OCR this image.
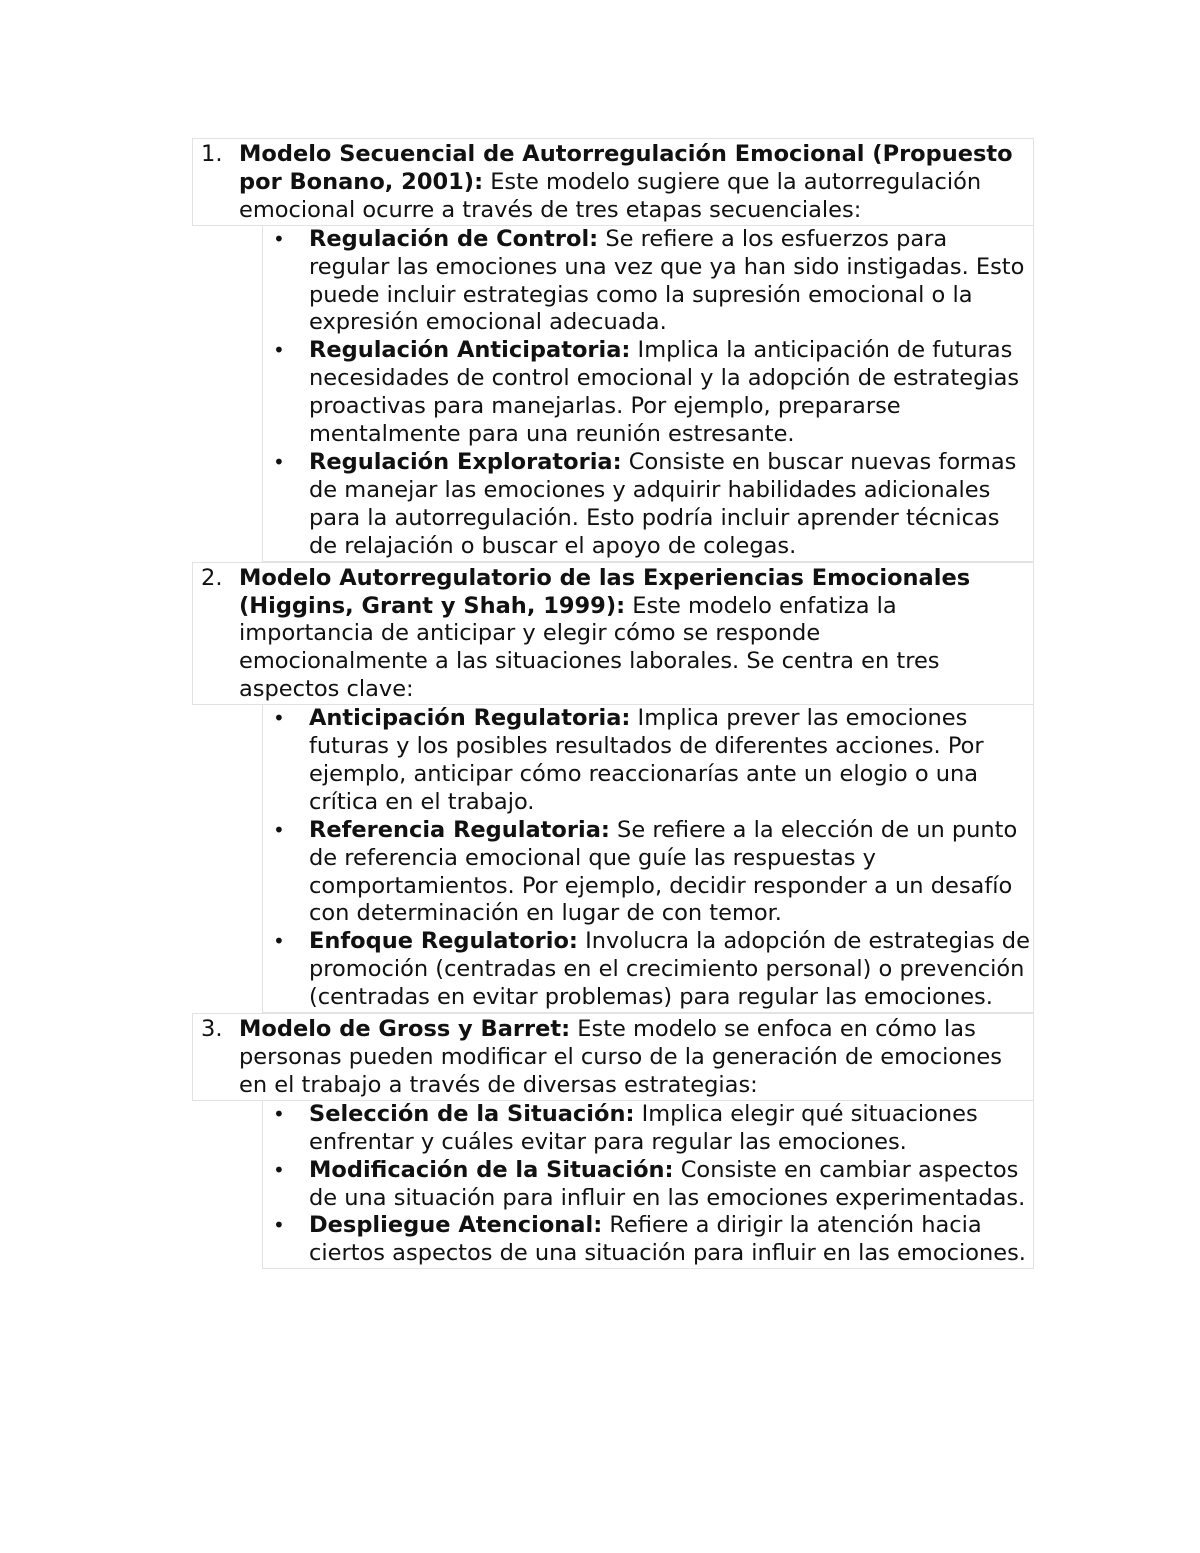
1. Modelo Secuencial de Autorregulación Emocional (Propuesto por Bonano, 2001): Este modelo sugiere que la autorregulación emocional ocurre a través de tres etapas secuenciales:
• Regulación de Control: Se refiere a los esfuerzos para regular las emociones una vez que ya han sido instigadas. Esto puede incluir estrategias como la supresión emocional o la expresión emocional adecuada.
• Regulación Anticipatoria: Implica la anticipación de futuras necesidades de control emocional y la adopción de estrategias proactivas para manejarlas. Por ejemplo, prepararse mentalmente para una reunión estresante.
• Regulación Exploratoria: Consiste en buscar nuevas formas de manejar las emociones y adquirir habilidades adicionales para la autorregulación. Esto podría incluir aprender técnicas de relajación o buscar el apoyo de colegas.
2. Modelo Autorregulatorio de las Experiencias Emocionales (Higgins, Grant y Shah, 1999): Este modelo enfatiza la importancia de anticipar y elegir cómo se responde emocionalmente a las situaciones laborales. Se centra en tres aspectos clave:
• Anticipación Regulatoria: Implica prever las emociones futuras y los posibles resultados de diferentes acciones. Por ejemplo, anticipar cómo reaccionarías ante un elogio o una crítica en el trabajo.
• Referencia Regulatoria: Se refiere a la elección de un punto de referencia emocional que guíe las respuestas y comportamientos. Por ejemplo, decidir responder a un desafío con determinación en lugar de con temor.
• Enfoque Regulatorio: Involucra la adopción de estrategias de promoción (centradas en el crecimiento personal) o prevención (centradas en evitar problemas) para regular las emociones.
3. Modelo de Gross y Barret: Este modelo se enfoca en cómo las personas pueden modificar el curso de la generación de emociones en el trabajo a través de diversas estrategias:
• Selección de la Situación: Implica elegir qué situaciones enfrentar y cuáles evitar para regular las emociones.
• Modificación de la Situación: Consiste en cambiar aspectos de una situación para influir en las emociones experimentadas.
• Despliegue Atencional: Refiere a dirigir la atención hacia ciertos aspectos de una situación para influir en las emociones.
